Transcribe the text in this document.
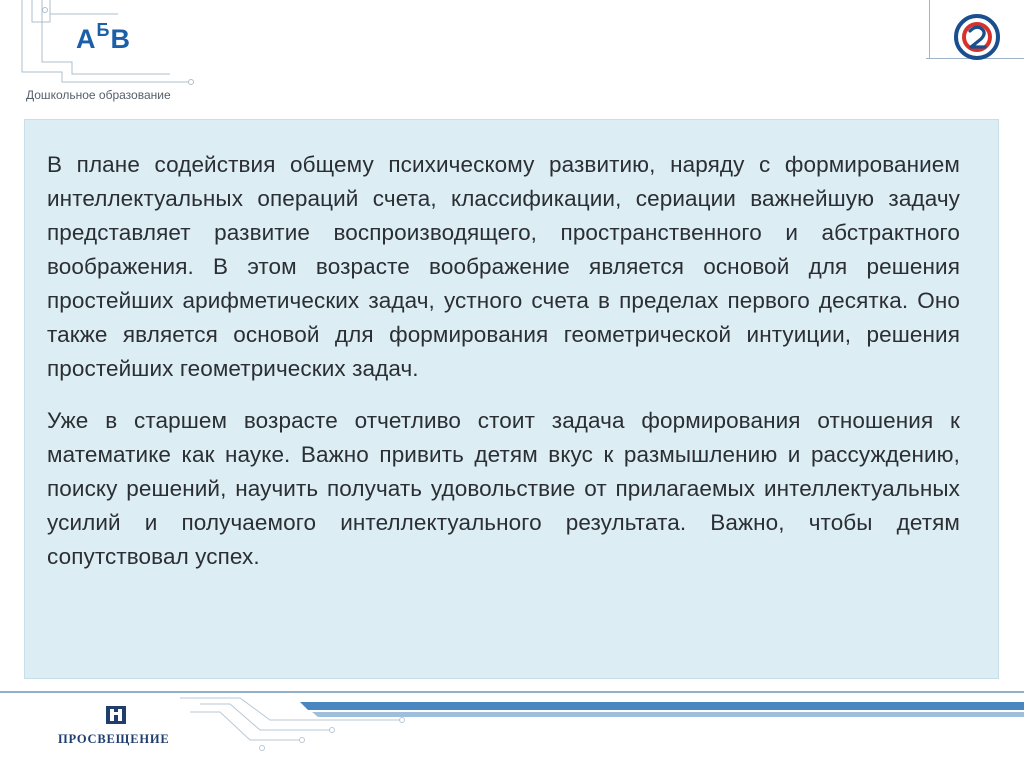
А Б В
Дошкольное образование

В плане содействия общему психическому развитию, наряду с формированием интеллектуальных операций счета, классификации, сериации важнейшую задачу представляет развитие воспроизводящего, пространственного и абстрактного воображения. В этом возрасте воображение является основой для решения простейших арифметических задач, устного счета в пределах первого десятка. Оно также является основой для формирования геометрической интуиции, решения простейших геометрических задач.

Уже в старшем возрасте отчетливо стоит задача формирования отношения к математике как науке. Важно привить детям вкус к размышлению и рассуждению, поиску решений, научить получать удовольствие от прилагаемых интеллектуальных усилий и получаемого интеллектуального результата. Важно, чтобы детям сопутствовал успех.

ПРОСВЕЩЕНИЕ
